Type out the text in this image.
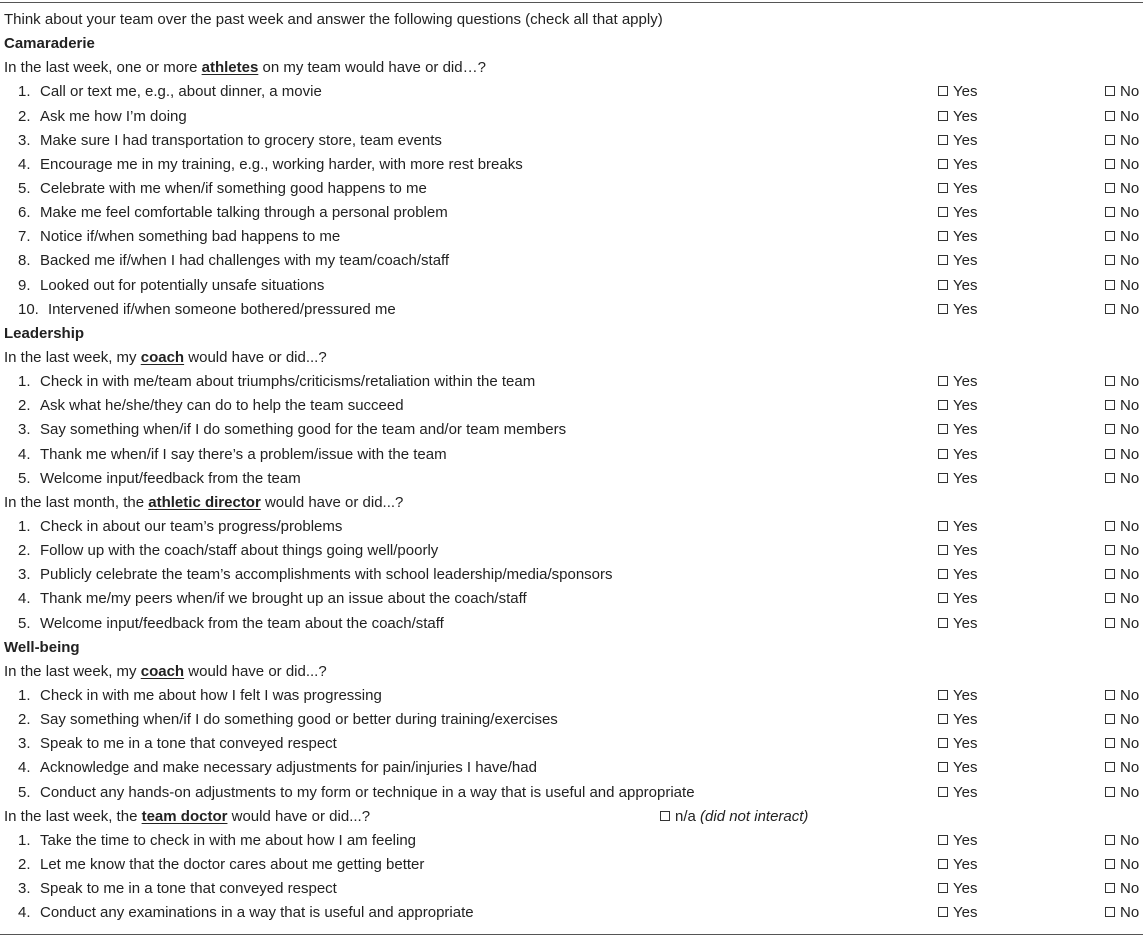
Think about your team over the past week and answer the following questions (check all that apply)
Camaraderie
In the last week, one or more athletes on my team would have or did…?
1. Call or text me, e.g., about dinner, a movie	Yes	No
2. Ask me how I’m doing	Yes	No
3. Make sure I had transportation to grocery store, team events	Yes	No
4. Encourage me in my training, e.g., working harder, with more rest breaks	Yes	No
5. Celebrate with me when/if something good happens to me	Yes	No
6. Make me feel comfortable talking through a personal problem	Yes	No
7. Notice if/when something bad happens to me	Yes	No
8. Backed me if/when I had challenges with my team/coach/staff	Yes	No
9. Looked out for potentially unsafe situations	Yes	No
10. Intervened if/when someone bothered/pressured me	Yes	No
Leadership
In the last week, my coach would have or did...?
1. Check in with me/team about triumphs/criticisms/retaliation within the team	Yes	No
2. Ask what he/she/they can do to help the team succeed	Yes	No
3. Say something when/if I do something good for the team and/or team members	Yes	No
4. Thank me when/if I say there’s a problem/issue with the team	Yes	No
5. Welcome input/feedback from the team	Yes	No
In the last month, the athletic director would have or did...?
1. Check in about our team’s progress/problems	Yes	No
2. Follow up with the coach/staff about things going well/poorly	Yes	No
3. Publicly celebrate the team’s accomplishments with school leadership/media/sponsors	Yes	No
4. Thank me/my peers when/if we brought up an issue about the coach/staff	Yes	No
5. Welcome input/feedback from the team about the coach/staff	Yes	No
Well-being
In the last week, my coach would have or did...?
1. Check in with me about how I felt I was progressing	Yes	No
2. Say something when/if I do something good or better during training/exercises	Yes	No
3. Speak to me in a tone that conveyed respect	Yes	No
4. Acknowledge and make necessary adjustments for pain/injuries I have/had	Yes	No
5. Conduct any hands-on adjustments to my form or technique in a way that is useful and appropriate	Yes	No
In the last week, the team doctor would have or did...?	n/a (did not interact)
1. Take the time to check in with me about how I am feeling	Yes	No
2. Let me know that the doctor cares about me getting better	Yes	No
3. Speak to me in a tone that conveyed respect	Yes	No
4. Conduct any examinations in a way that is useful and appropriate	Yes	No
